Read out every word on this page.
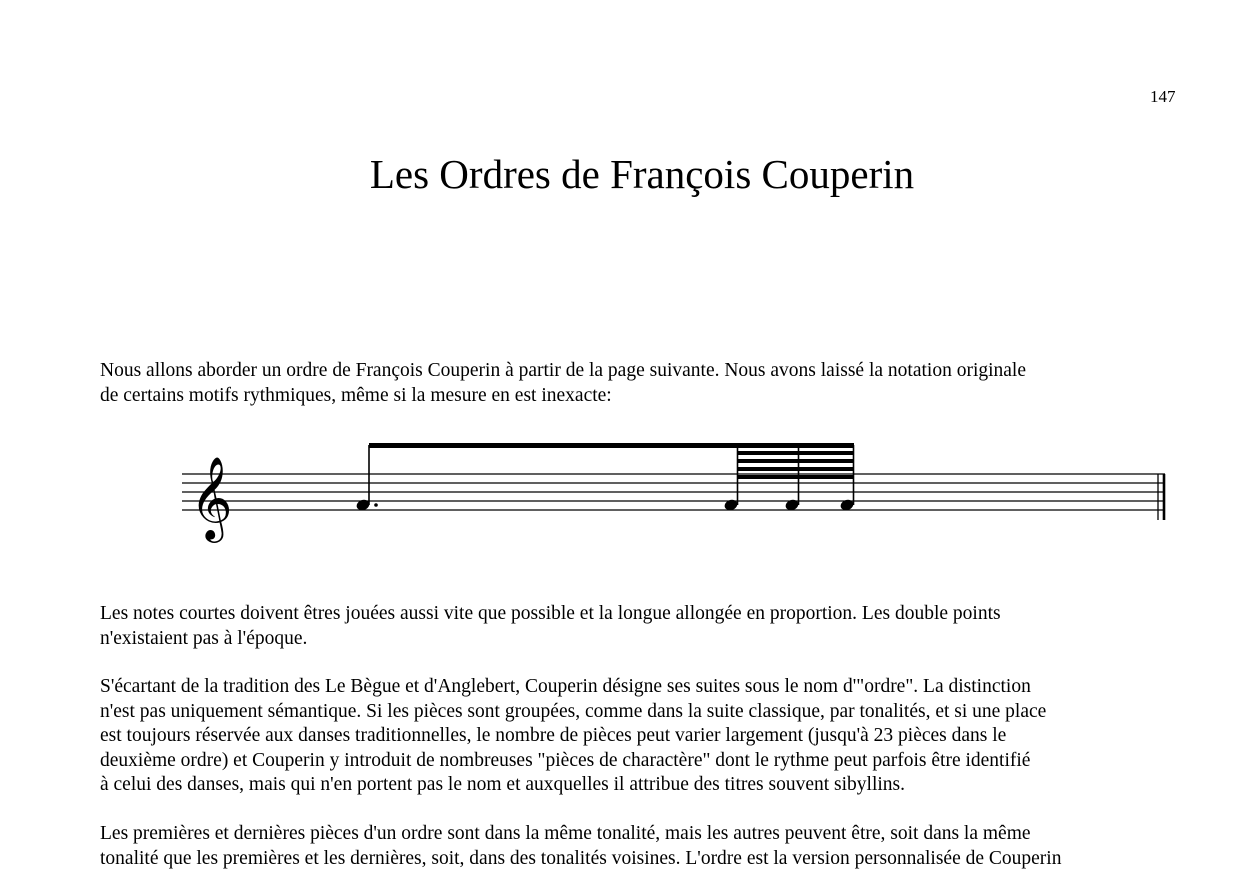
147
Les Ordres de François Couperin
Nous allons aborder un ordre de François Couperin à partir de la page suivante. Nous avons laissé la notation originale
de certains motifs rythmiques, même si la mesure en est inexacte:
𝄞
Les notes courtes doivent êtres jouées aussi vite que possible et la longue allongée en proportion. Les double points
n'existaient pas à l'époque.
S'écartant de la tradition des Le Bègue et d'Anglebert, Couperin désigne ses suites sous le nom d'"ordre". La distinction
n'est pas uniquement sémantique. Si les pièces sont groupées, comme dans la suite classique, par tonalités, et si une place
est toujours réservée aux danses traditionnelles, le nombre de pièces peut varier largement (jusqu'à 23 pièces dans le
deuxième ordre) et Couperin y introduit de nombreuses "pièces de charactère" dont le rythme peut parfois être identifié
à celui des danses, mais qui n'en portent pas le nom et auxquelles il attribue des titres souvent sibyllins.
Les premières et dernières pièces d'un ordre sont dans la même tonalité, mais les autres peuvent être, soit dans la même
tonalité que les premières et les dernières, soit, dans des tonalités voisines. L'ordre est la version personnalisée de Couperin
